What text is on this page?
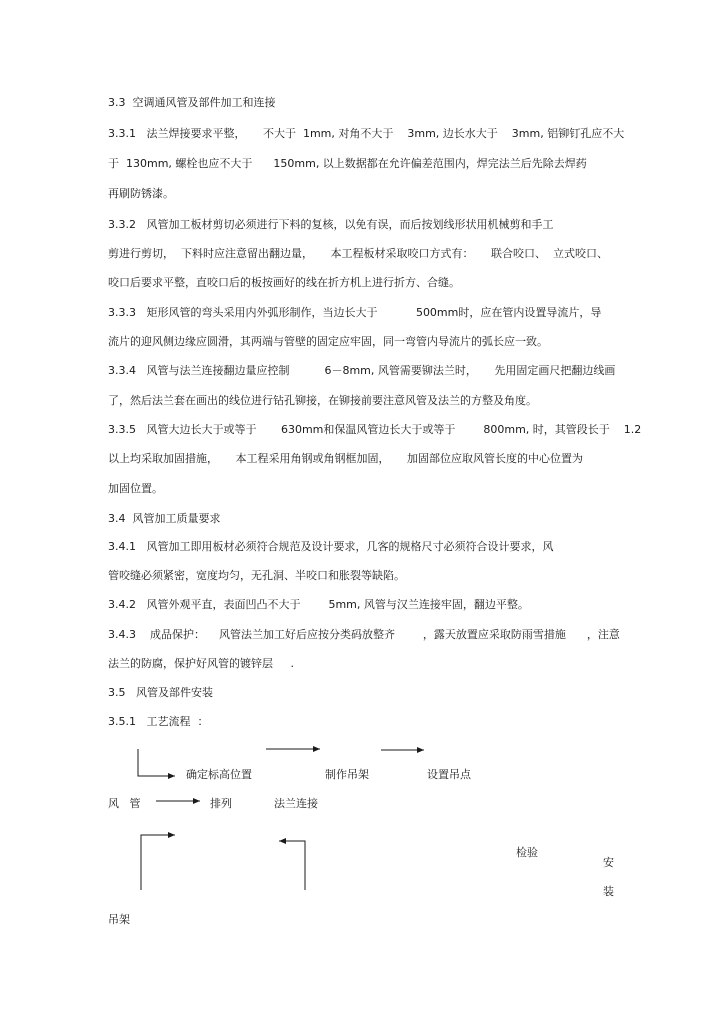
3.3  空调通风管及部件加工和连接
3.3.1   法兰焊接要求平整，     不大于  1mm, 对角不大于    3mm, 边长水大于    3mm, 铝铆钉孔应不大
于  130mm, 螺栓也应不大于      150mm, 以上数据都在允许偏差范围内，焊完法兰后先除去焊药
再刷防锈漆。
3.3.2   风管加工板材剪切必须进行下料的复核，以免有误，而后按划线形状用机械剪和手工
剪进行剪切，  下料时应注意留出翻边量，     本工程板材采取咬口方式有：     联合咬口、  立式咬口、
咬口后要求平整，直咬口后的板按画好的线在折方机上进行折方、合缝。
3.3.3   矩形风管的弯头采用内外弧形制作，当边长大于           500mm时，应在管内设置导流片，导
流片的迎风侧边缘应圆滑，其两端与管壁的固定应牢固，同一弯管内导流片的弧长应一致。
3.3.4   风管与法兰连接翻边量应控制          6－8mm, 风管需要铆法兰时，     先用固定画尺把翻边线画
了，然后法兰套在画出的线位进行钻孔铆接，在铆接前要注意风管及法兰的方整及角度。
3.3.5   风管大边长大于或等于       630mm和保温风管边长大于或等于        800mm, 时，其管段长于    1.2
以上均采取加固措施，     本工程采用角钢或角钢框加固，     加固部位应取风管长度的中心位置为
加固位置。
3.4  风管加工质量要求
3.4.1   风管加工即用板材必须符合规范及设计要求，几客的规格尺寸必须符合设计要求，风
管咬缝必须紧密，宽度均匀，无孔洞、半咬口和胀裂等缺陷。
3.4.2   风管外观平直，表面凹凸不大于        5mm, 风管与汉兰连接牢固，翻边平整。
3.4.3    成品保护：    风管法兰加工好后应按分类码放整齐        ，露天放置应采取防雨雪措施      ，注意
法兰的防腐，保护好风管的镀锌层     .
3.5   风管及部件安装
3.5.1   工艺流程  ：
确定标高位置	制作吊架	设置吊点
风   管	排列	法兰连接
检验
安
装
吊架
